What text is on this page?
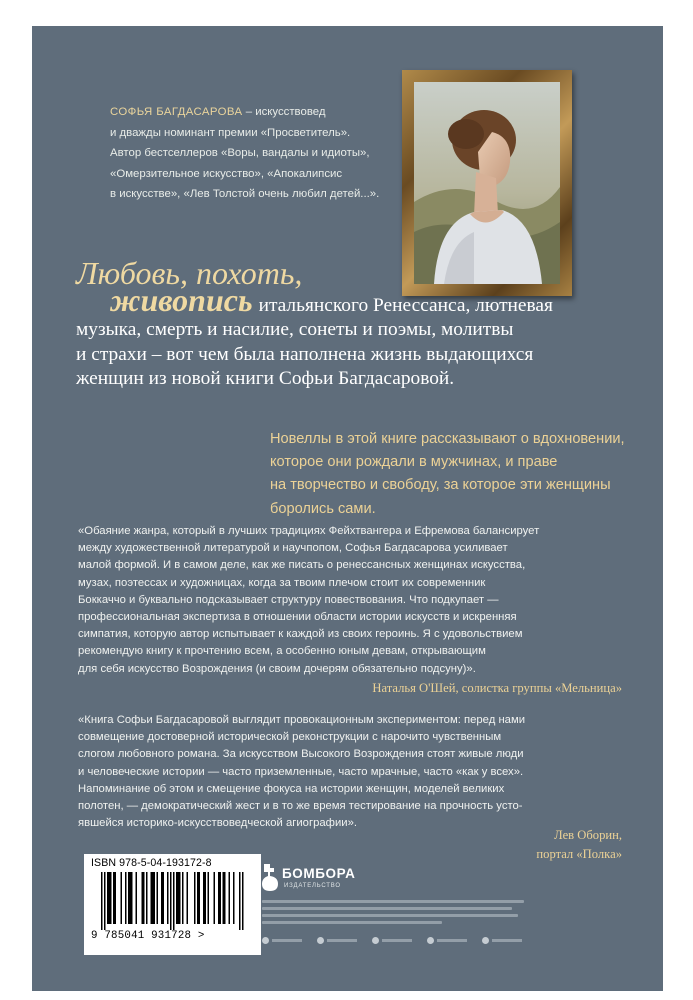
СОФЬЯ БАГДАСАРОВА – искусствовед
и дважды номинант премии «Просветитель».
Автор бестселлеров «Воры, вандалы и идиоты»,
«Омерзительное искусство», «Апокалипсис
в искусстве», «Лев Толстой очень любил детей...».
Любовь, похоть,
живопись итальянского Ренессанса, лютневая
музыка, смерть и насилие, сонеты и поэмы, молитвы
и страхи – вот чем была наполнена жизнь выдающихся
женщин из новой книги Софьи Багдасаровой.
Новеллы в этой книге рассказывают о вдохновении,
которое они рождали в мужчинах, и праве
на творчество и свободу, за которое эти женщины
боролись сами.
«Обаяние жанра, который в лучших традициях Фейхтвангера и Ефремова балансирует
между художественной литературой и научпопом, Софья Багдасарова усиливает
малой формой. И в самом деле, как же писать о ренессансных женщинах искусства,
музах, поэтессах и художницах, когда за твоим плечом стоит их современник
Боккаччо и буквально подсказывает структуру повествования. Что подкупает —
профессиональная экспертиза в отношении области истории искусств и искренняя
симпатия, которую автор испытывает к каждой из своих героинь. Я с удовольствием
рекомендую книгу к прочтению всем, а особенно юным девам, открывающим
для себя искусство Возрождения (и своим дочерям обязательно подсуну)».
Наталья О'Шей, солистка группы «Мельница»
«Книга Софьи Багдасаровой выглядит провокационным экспериментом: перед нами
совмещение достоверной исторической реконструкции с нарочито чувственным
слогом любовного романа. За искусством Высокого Возрождения стоят живые люди
и человеческие истории — часто приземленные, часто мрачные, часто «как у всех».
Напоминание об этом и смещение фокуса на истории женщин, моделей великих
полотен, — демократический жест и в то же время тестирование на прочность усто-
явшейся историко-искусствоведческой агиографии».
Лев Оборин,
портал «Полка»
ISBN 978-5-04-193172-8
9 785041 931728 >
БОМБОРА
ИЗДАТЕЛЬСТВО
